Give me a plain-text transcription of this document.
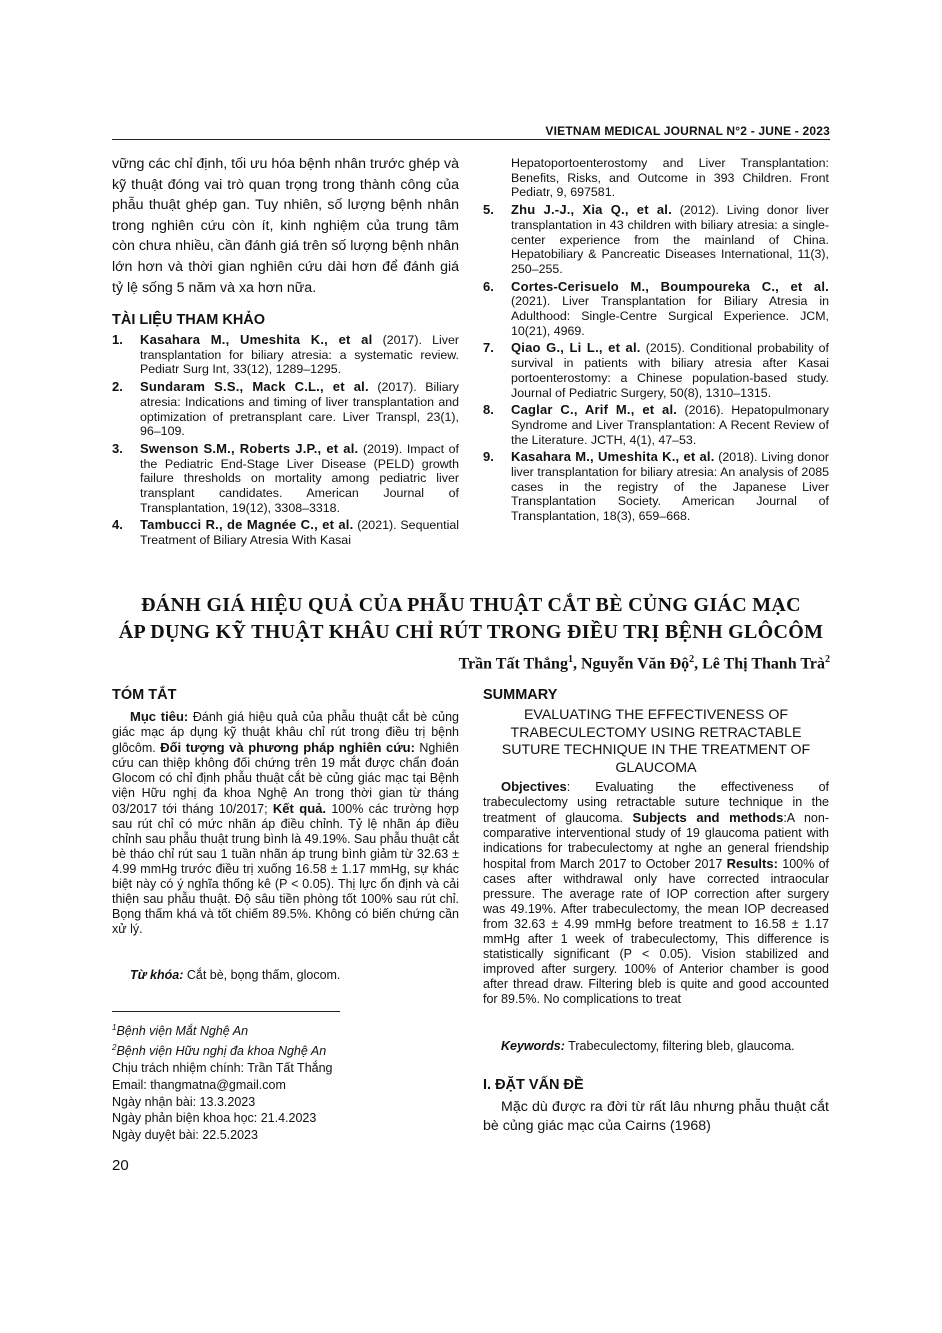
VIETNAM MEDICAL JOURNAL N°2 - JUNE - 2023
vững các chỉ định, tối ưu hóa bệnh nhân trước ghép và kỹ thuật đóng vai trò quan trọng trong thành công của phẫu thuật ghép gan. Tuy nhiên, số lượng bệnh nhân trong nghiên cứu còn ít, kinh nghiệm của trung tâm còn chưa nhiều, cần đánh giá trên số lượng bệnh nhân lớn hơn và thời gian nghiên cứu dài hơn để đánh giá tỷ lệ sống 5 năm và xa hơn nữa.
TÀI LIỆU THAM KHẢO
1. Kasahara M., Umeshita K., et al (2017). Liver transplantation for biliary atresia: a systematic review. Pediatr Surg Int, 33(12), 1289–1295.
2. Sundaram S.S., Mack C.L., et al. (2017). Biliary atresia: Indications and timing of liver transplantation and optimization of pretransplant care. Liver Transpl, 23(1), 96–109.
3. Swenson S.M., Roberts J.P., et al. (2019). Impact of the Pediatric End-Stage Liver Disease (PELD) growth failure thresholds on mortality among pediatric liver transplant candidates. American Journal of Transplantation, 19(12), 3308–3318.
4. Tambucci R., de Magnée C., et al. (2021). Sequential Treatment of Biliary Atresia With Kasai
Hepatoportoenterostomy and Liver Transplantation: Benefits, Risks, and Outcome in 393 Children. Front Pediatr, 9, 697581.
5. Zhu J.-J., Xia Q., et al. (2012). Living donor liver transplantation in 43 children with biliary atresia: a single-center experience from the mainland of China. Hepatobiliary & Pancreatic Diseases International, 11(3), 250–255.
6. Cortes-Cerisuelo M., Boumpoureka C., et al. (2021). Liver Transplantation for Biliary Atresia in Adulthood: Single-Centre Surgical Experience. JCM, 10(21), 4969.
7. Qiao G., Li L., et al. (2015). Conditional probability of survival in patients with biliary atresia after Kasai portoenterostomy: a Chinese population-based study. Journal of Pediatric Surgery, 50(8), 1310–1315.
8. Caglar C., Arif M., et al. (2016). Hepatopulmonary Syndrome and Liver Transplantation: A Recent Review of the Literature. JCTH, 4(1), 47–53.
9. Kasahara M., Umeshita K., et al. (2018). Living donor liver transplantation for biliary atresia: An analysis of 2085 cases in the registry of the Japanese Liver Transplantation Society. American Journal of Transplantation, 18(3), 659–668.
ĐÁNH GIÁ HIỆU QUẢ CỦA PHẪU THUẬT CẮT BÈ CỦNG GIÁC MẠC
ÁP DỤNG KỸ THUẬT KHÂU CHỈ RÚT TRONG ĐIỀU TRỊ BỆNH GLÔCÔM
Trần Tất Thắng$^1$, Nguyễn Văn Độ$^2$, Lê Thị Thanh Trà$^2$
TÓM TẮT
Mục tiêu: Đánh giá hiệu quả của phẫu thuật cắt bè củng giác mạc áp dụng kỹ thuật khâu chỉ rút trong điều trị bệnh glôcôm. Đối tượng và phương pháp nghiên cứu: Nghiên cứu can thiệp không đối chứng trên 19 mắt được chẩn đoán Glocom có chỉ định phẫu thuật cắt bè củng giác mạc tại Bệnh viện Hữu nghị đa khoa Nghệ An trong thời gian từ tháng 03/2017 tới tháng 10/2017; Kết quả. 100% các trường hợp sau rút chỉ có mức nhãn áp điều chỉnh. Tỷ lệ nhãn áp điều chỉnh sau phẫu thuật trung bình là 49.19%. Sau phẫu thuật cắt bè tháo chỉ rút sau 1 tuần nhãn áp trung bình giảm từ 32.63 ± 4.99 mmHg trước điều trị xuống 16.58 ± 1.17 mmHg, sự khác biệt này có ý nghĩa thống kê (P < 0.05). Thị lực ổn định và cải thiện sau phẫu thuật. Độ sâu tiền phòng tốt 100% sau rút chỉ. Bọng thấm khá và tốt chiếm 89.5%. Không có biến chứng cần xử lý.
Từ khóa: Cắt bè, bọng thấm, glocom.
SUMMARY
EVALUATING THE EFFECTIVENESS OF TRABECULECTOMY USING RETRACTABLE SUTURE TECHNIQUE IN THE TREATMENT OF GLAUCOMA
Objectives: Evaluating the effectiveness of trabeculectomy using retractable suture technique in the treatment of glaucoma. Subjects and methods:A non-comparative interventional study of 19 glaucoma patient with indications for trabeculectomy at nghe an general friendship hospital from March 2017 to October 2017 Results: 100% of cases after withdrawal only have corrected intraocular pressure. The average rate of IOP correction after surgery was 49.19%. After trabeculectomy, the mean IOP decreased from 32.63 ± 4.99 mmHg before treatment to 16.58 ± 1.17 mmHg after 1 week of trabeculectomy, This difference is statistically significant (P < 0.05). Vision stabilized and improved after surgery. 100% of Anterior chamber is good after thread draw. Filtering bleb is quite and good accounted for 89.5%. No complications to treat
Keywords: Trabeculectomy, filtering bleb, glaucoma.
I. ĐẶT VẤN ĐỀ
Mặc dù được ra đời từ rất lâu nhưng phẫu thuật cắt bè củng giác mạc của Cairns (1968)
$^1$Bệnh viện Mắt Nghệ An
$^2$Bệnh viện Hữu nghị đa khoa Nghệ An
Chịu trách nhiệm chính: Trần Tất Thắng
Email: thangmatna@gmail.com
Ngày nhận bài: 13.3.2023
Ngày phản biện khoa học: 21.4.2023
Ngày duyệt bài: 22.5.2023
20
